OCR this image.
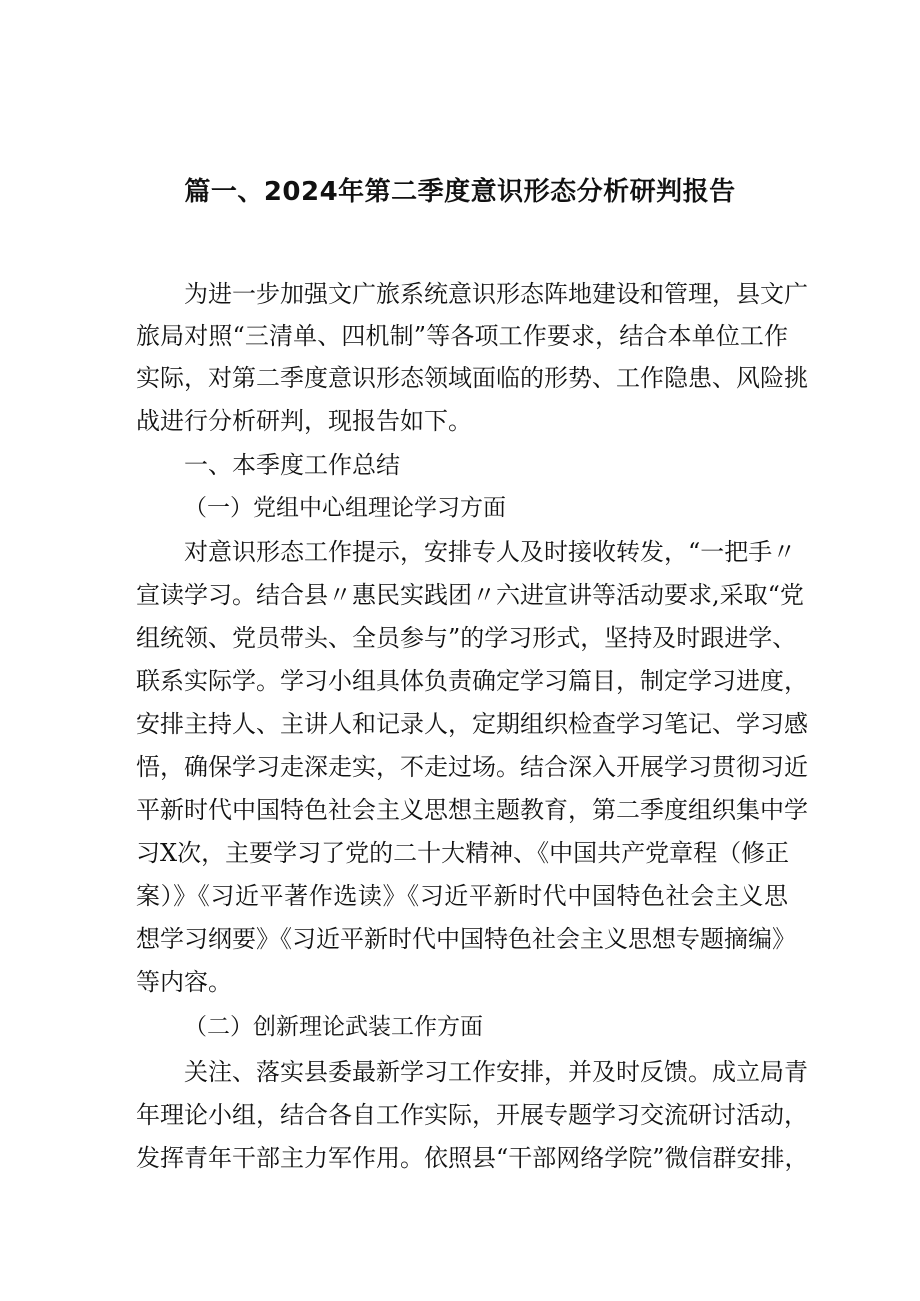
篇一、2024年第二季度意识形态分析研判报告
为进一步加强文广旅系统意识形态阵地建设和管理，县文广
旅局对照“三清单、四机制”等各项工作要求，结合本单位工作
实际，对第二季度意识形态领域面临的形势、工作隐患、风险挑
战进行分析研判，现报告如下。
一、本季度工作总结
（一）党组中心组理论学习方面
对意识形态工作提示，安排专人及时接收转发，“一把手〃
宣读学习。结合县〃惠民实践团〃六进宣讲等活动要求,采取“党
组统领、党员带头、全员参与”的学习形式，坚持及时跟进学、
联系实际学。学习小组具体负责确定学习篇目，制定学习进度，
安排主持人、主讲人和记录人，定期组织检查学习笔记、学习感
悟，确保学习走深走实，不走过场。结合深入开展学习贯彻习近
平新时代中国特色社会主义思想主题教育，第二季度组织集中学
习X次，主要学习了党的二十大精神、《中国共产党章程（修正
案）》《习近平著作选读》《习近平新时代中国特色社会主义思
想学习纲要》《习近平新时代中国特色社会主义思想专题摘编》
等内容。
（二）创新理论武装工作方面
关注、落实县委最新学习工作安排，并及时反馈。成立局青
年理论小组，结合各自工作实际，开展专题学习交流研讨活动，
发挥青年干部主力军作用。依照县“干部网络学院”微信群安排，
